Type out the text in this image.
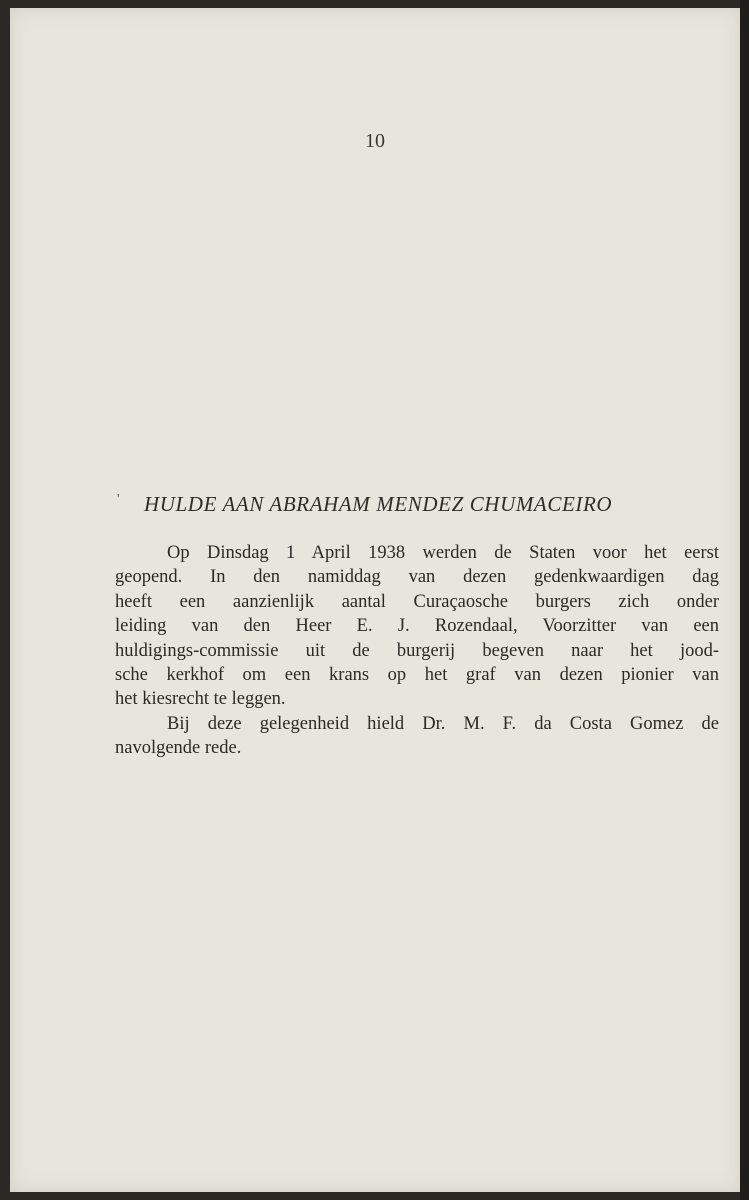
10
' HULDE AAN ABRAHAM MENDEZ CHUMACEIRO
Op Dinsdag 1 April 1938 werden de Staten voor het eerst
geopend. In den namiddag van dezen gedenkwaardigen dag
heeft een aanzienlijk aantal Curaçaosche burgers zich onder
leiding van den Heer E. J. Rozendaal, Voorzitter van een
huldigings-commissie uit de burgerij begeven naar het jood-
sche kerkhof om een krans op het graf van dezen pionier van
het kiesrecht te leggen.
Bij deze gelegenheid hield Dr. M. F. da Costa Gomez de
navolgende rede.
